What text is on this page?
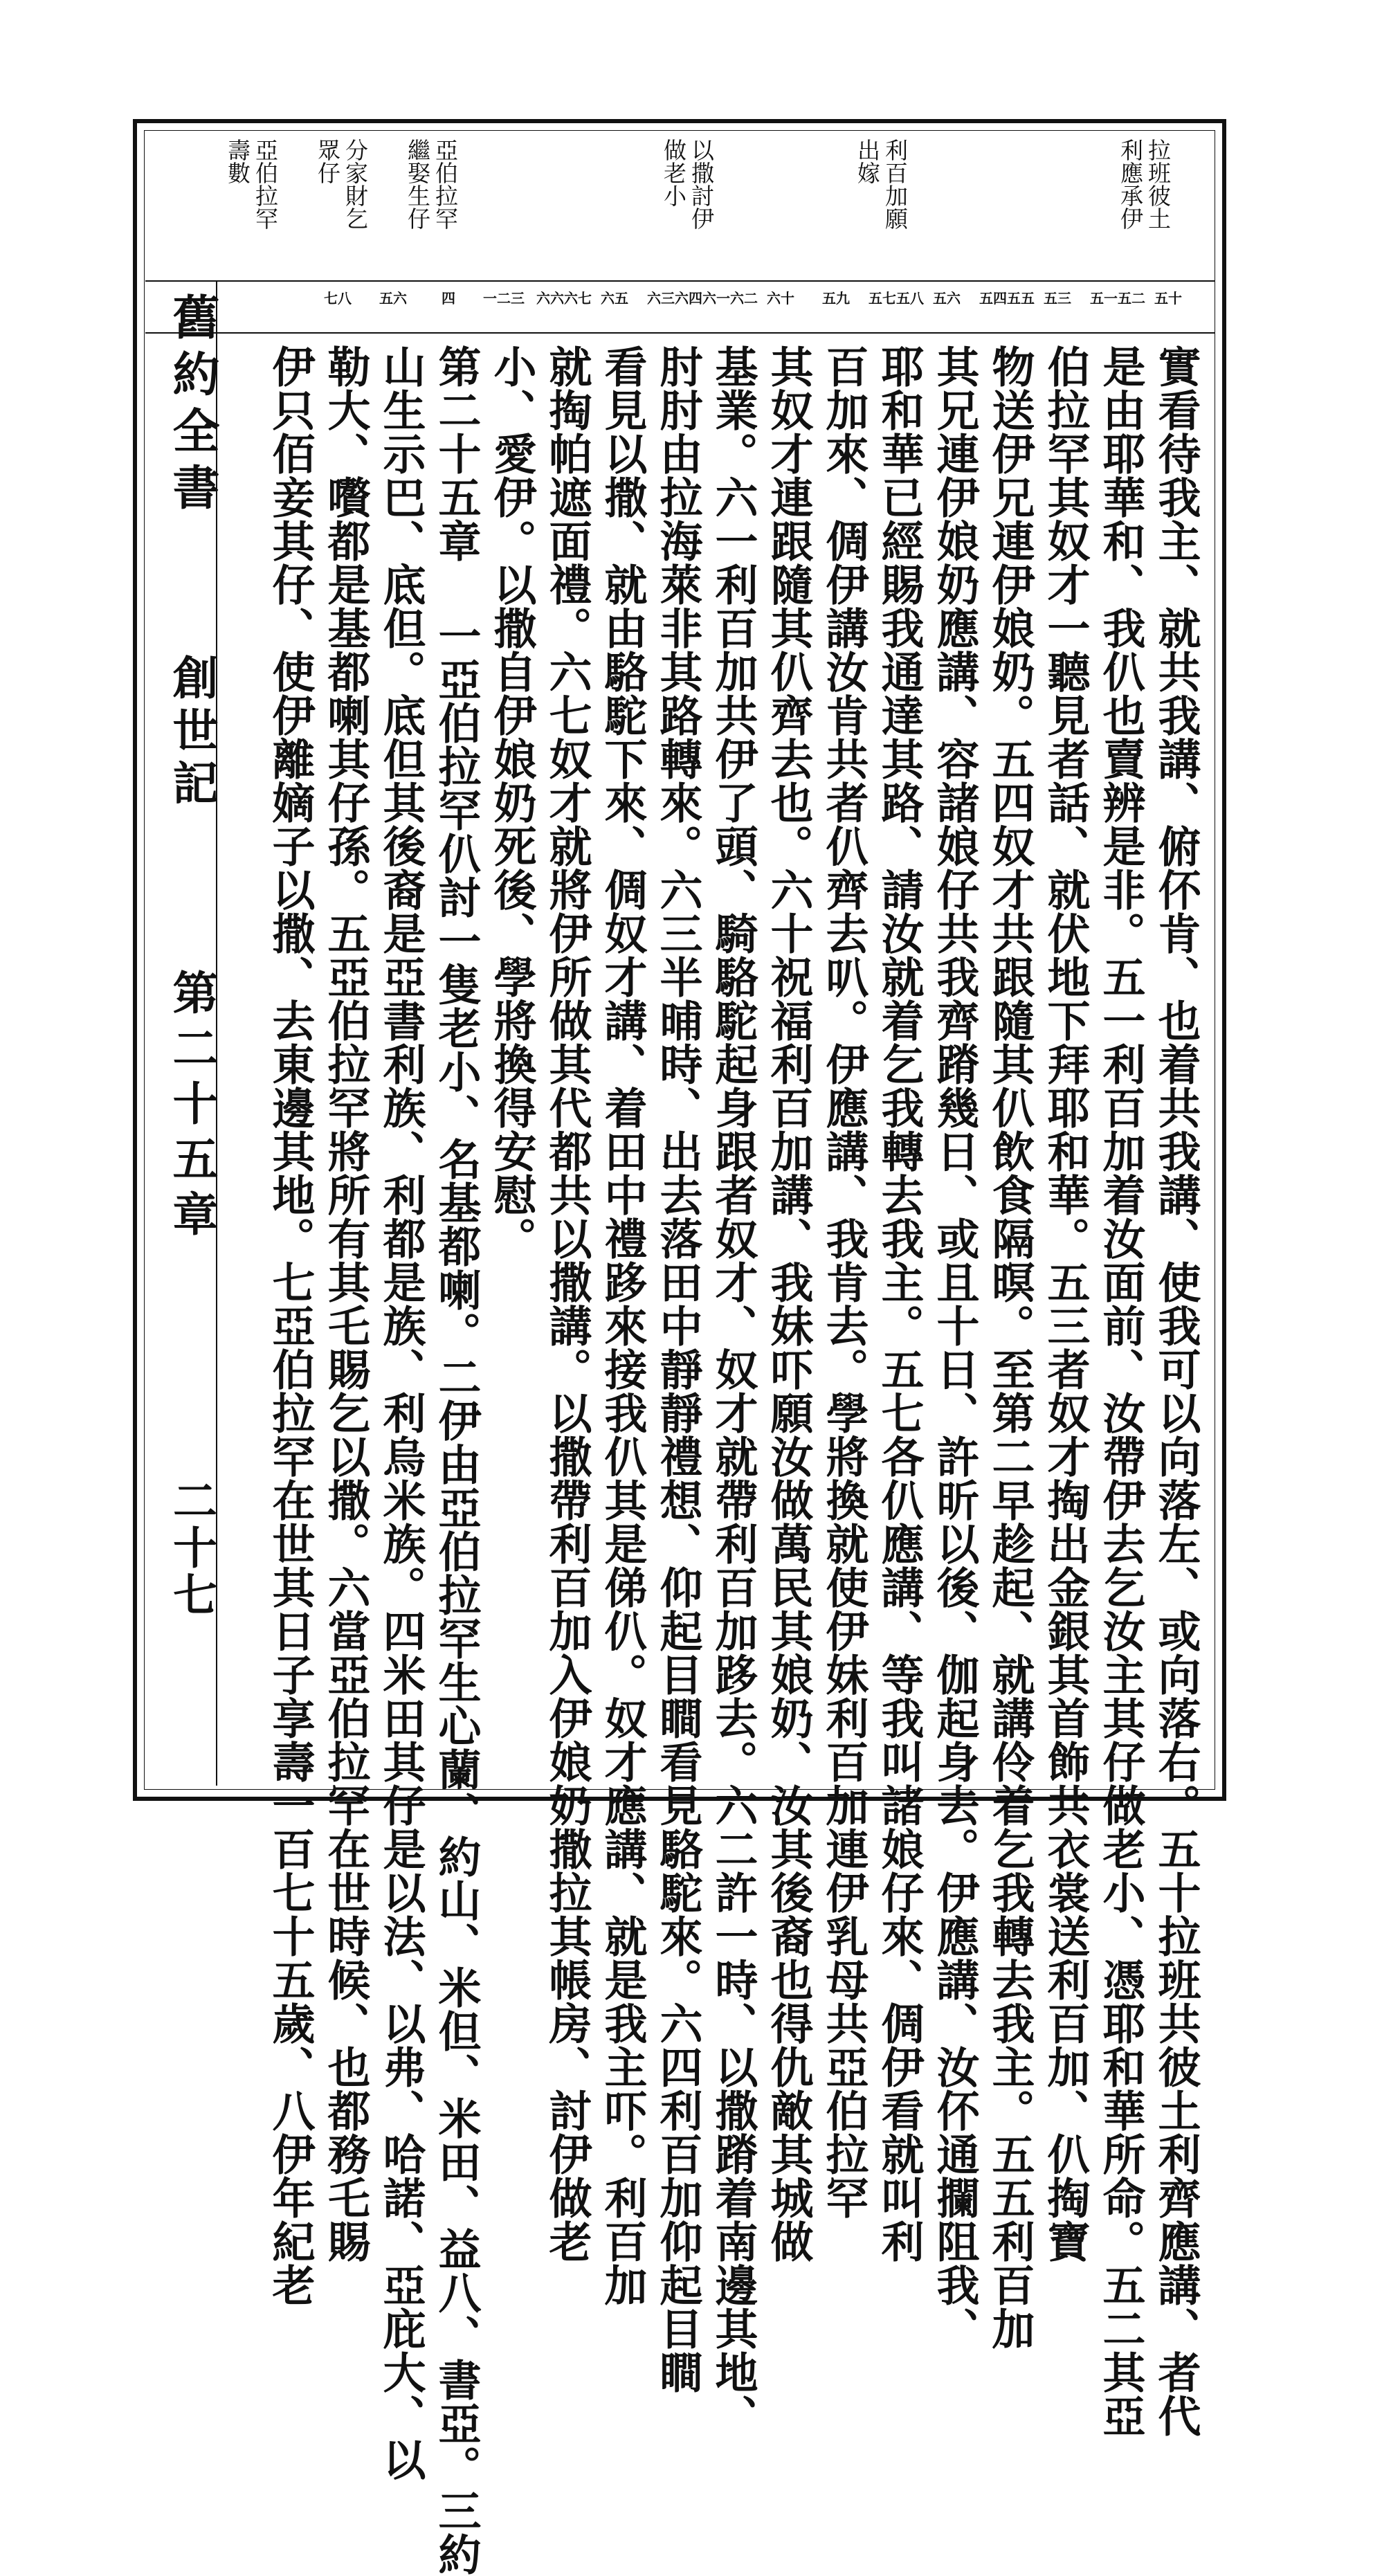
拉班彼土
利應承伊
利百加願
出嫁
以撒討伊
做老小
亞伯拉罕
繼娶生仔
分家財乞
眾仔
亞伯拉罕
壽數
五十
五一五二
五三
五四五五
五六
五七五八
五九
六十
六一六二
六三六四
六五
六六六七
一二三
四
五六
七八
實看待我主、就共我講、俯伓肯、也着共我講、使我可以向落左、或向落右。五十拉班共彼土利齊應講、者代
是由耶華和、我仈也賣辨是非。五一利百加着汝面前、汝帶伊去乞汝主其仔做老小、憑耶和華所命。五二其亞
伯拉罕其奴才一聽見者話、就伏地下拜耶和華。五三者奴才掏出金銀其首飾共衣裳送利百加、仈掏寶
物送伊兄連伊娘奶。五四奴才共跟隨其仈飲食隔暝。至第二早趁起、就講伶着乞我轉去我主。五五利百加
其兄連伊娘奶應講、容諸娘仔共我齊蹐幾日、或且十日、許昕以後、伽起身去。伊應講、汝伓通攔阻我、
耶和華已經賜我通達其路、請汝就着乞我轉去我主。五七各仈應講、等我叫諸娘仔來、倜伊看就叫利
百加來、倜伊講汝肯共者仈齊去叭。伊應講、我肯去。學將換就使伊妹利百加連伊乳母共亞伯拉罕
其奴才連跟隨其仈齊去也。六十祝福利百加講、我妹吓願汝做萬民其娘奶、汝其後裔也得仇敵其城做
基業。六一利百加共伊了頭、騎駱駝起身跟者奴才、奴才就帶利百加跢去。六二許一時、以撒蹐着南邊其地、
肘肘由拉海萊非其路轉來。六三半晡時、出去落田中靜靜禮想、仰起目瞷看見駱駝來。六四利百加仰起目瞷
看見以撒、就由駱駝下來、倜奴才講、着田中禮跢來接我仈其是俤仈。奴才應講、就是我主吓。利百加
就掏帕遮面禮。六七奴才就將伊所做其代都共以撒講。以撒帶利百加入伊娘奶撒拉其帳房、討伊做老
小、愛伊。以撒自伊娘奶死後、學將換得安慰。
第二十五章 一亞伯拉罕仈討一隻老小、名基都喇。二伊由亞伯拉罕生心蘭、約山、米但、米田、益八、書亞。三約
山生示巴、底但。底但其後裔是亞書利族、利都是族、利烏米族。四米田其仔是以法、以弗、哈諾、亞庇大、以
勒大、嚽都是基都喇其仔孫。五亞伯拉罕將所有其乇賜乞以撒。六當亞伯拉罕在世時候、也都務乇賜
伊只佰妾其仔、使伊離嫡子以撒、去東邊其地。七亞伯拉罕在世其日子享壽一百七十五歲、八伊年紀老
舊約全書
創世記
第二十五章
二十七
